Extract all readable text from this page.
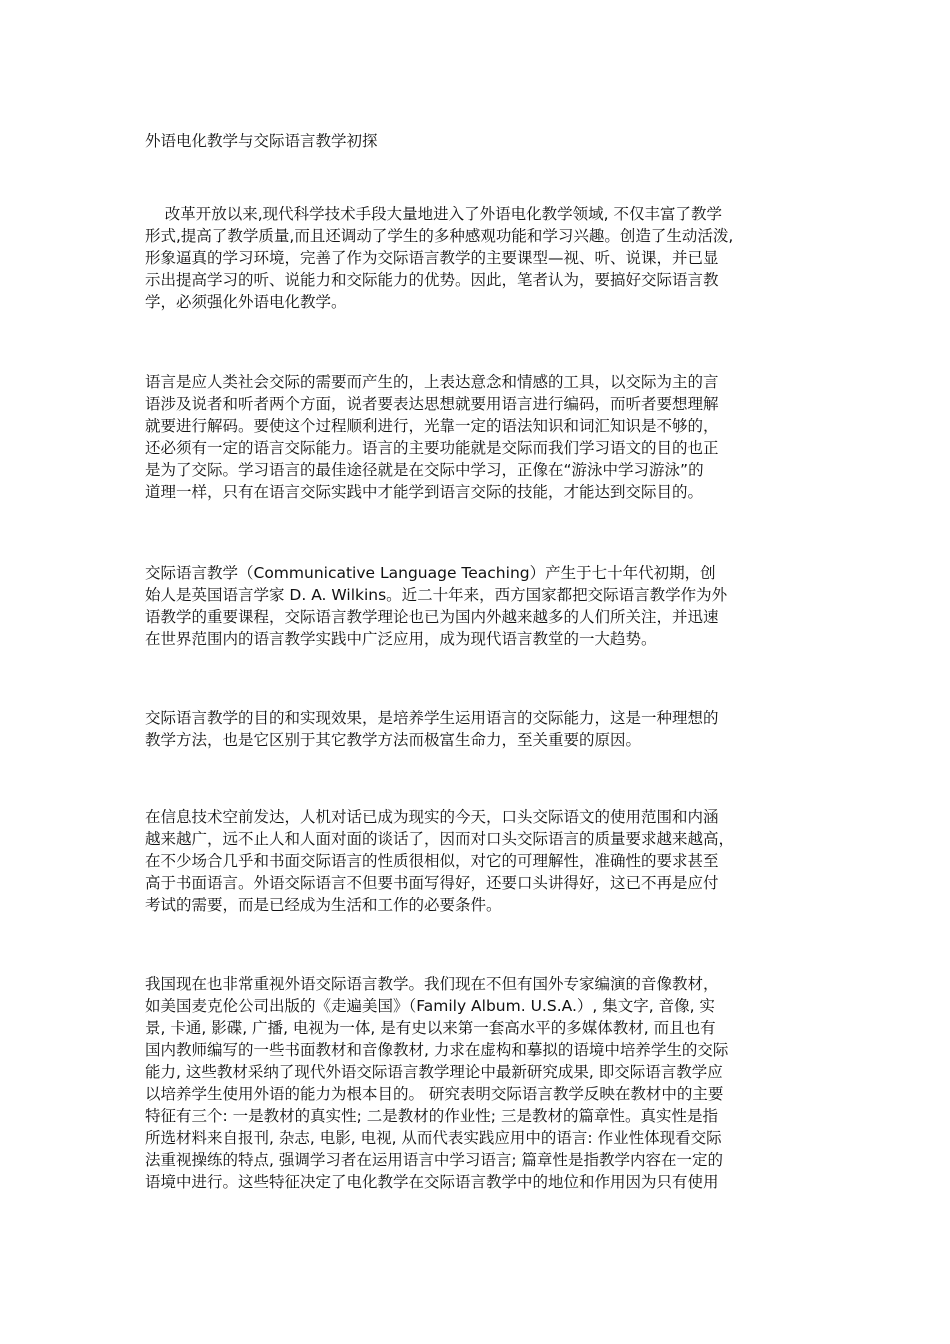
外语电化教学与交际语言教学初探
改革开放以来,现代科学技术手段大量地进入了外语电化教学领域, 不仅丰富了教学
形式,提高了教学质量,而且还调动了学生的多种感观功能和学习兴趣。创造了生动活泼,
形象逼真的学习环境，完善了作为交际语言教学的主要课型—视、听、说课，并已显
示出提高学习的听、说能力和交际能力的优势。因此，笔者认为，要搞好交际语言教
学，必须强化外语电化教学。
语言是应人类社会交际的需要而产生的，上表达意念和情感的工具，以交际为主的言
语涉及说者和听者两个方面，说者要表达思想就要用语言进行编码，而听者要想理解
就要进行解码。要使这个过程顺利进行，光靠一定的语法知识和词汇知识是不够的，
还必须有一定的语言交际能力。语言的主要功能就是交际而我们学习语文的目的也正
是为了交际。学习语言的最佳途径就是在交际中学习，正像在“游泳中学习游泳”的
道理一样，只有在语言交际实践中才能学到语言交际的技能，才能达到交际目的。
交际语言教学（Communicative Language Teaching）产生于七十年代初期，创
始人是英国语言学家 D. A. Wilkins。近二十年来，西方国家都把交际语言教学作为外
语教学的重要课程，交际语言教学理论也已为国内外越来越多的人们所关注，并迅速
在世界范围内的语言教学实践中广泛应用，成为现代语言教堂的一大趋势。
交际语言教学的目的和实现效果，是培养学生运用语言的交际能力，这是一种理想的
教学方法，也是它区别于其它教学方法而极富生命力，至关重要的原因。
在信息技术空前发达，人机对话已成为现实的今天，口头交际语文的使用范围和内涵
越来越广，远不止人和人面对面的谈话了，因而对口头交际语言的质量要求越来越高，
在不少场合几乎和书面交际语言的性质很相似，对它的可理解性，准确性的要求甚至
高于书面语言。外语交际语言不但要书面写得好，还要口头讲得好，这已不再是应付
考试的需要，而是已经成为生活和工作的必要条件。
我国现在也非常重视外语交际语言教学。我们现在不但有国外专家编演的音像教材，
如美国麦克伦公司出版的《走遍美国》（Family Album. U.S.A.）, 集文字, 音像, 实
景, 卡通, 影碟, 广播, 电视为一体, 是有史以来第一套高水平的多媒体教材, 而且也有
国内教师编写的一些书面教材和音像教材, 力求在虚构和摹拟的语境中培养学生的交际
能力, 这些教材采纳了现代外语交际语言教学理论中最新研究成果, 即交际语言教学应
以培养学生使用外语的能力为根本目的。 研究表明交际语言教学反映在教材中的主要
特征有三个: 一是教材的真实性; 二是教材的作业性; 三是教材的篇章性。真实性是指
所选材料来自报刊, 杂志, 电影, 电视, 从而代表实践应用中的语言: 作业性体现看交际
法重视操练的特点, 强调学习者在运用语言中学习语言; 篇章性是指教学内容在一定的
语境中进行。这些特征决定了电化教学在交际语言教学中的地位和作用因为只有使用
